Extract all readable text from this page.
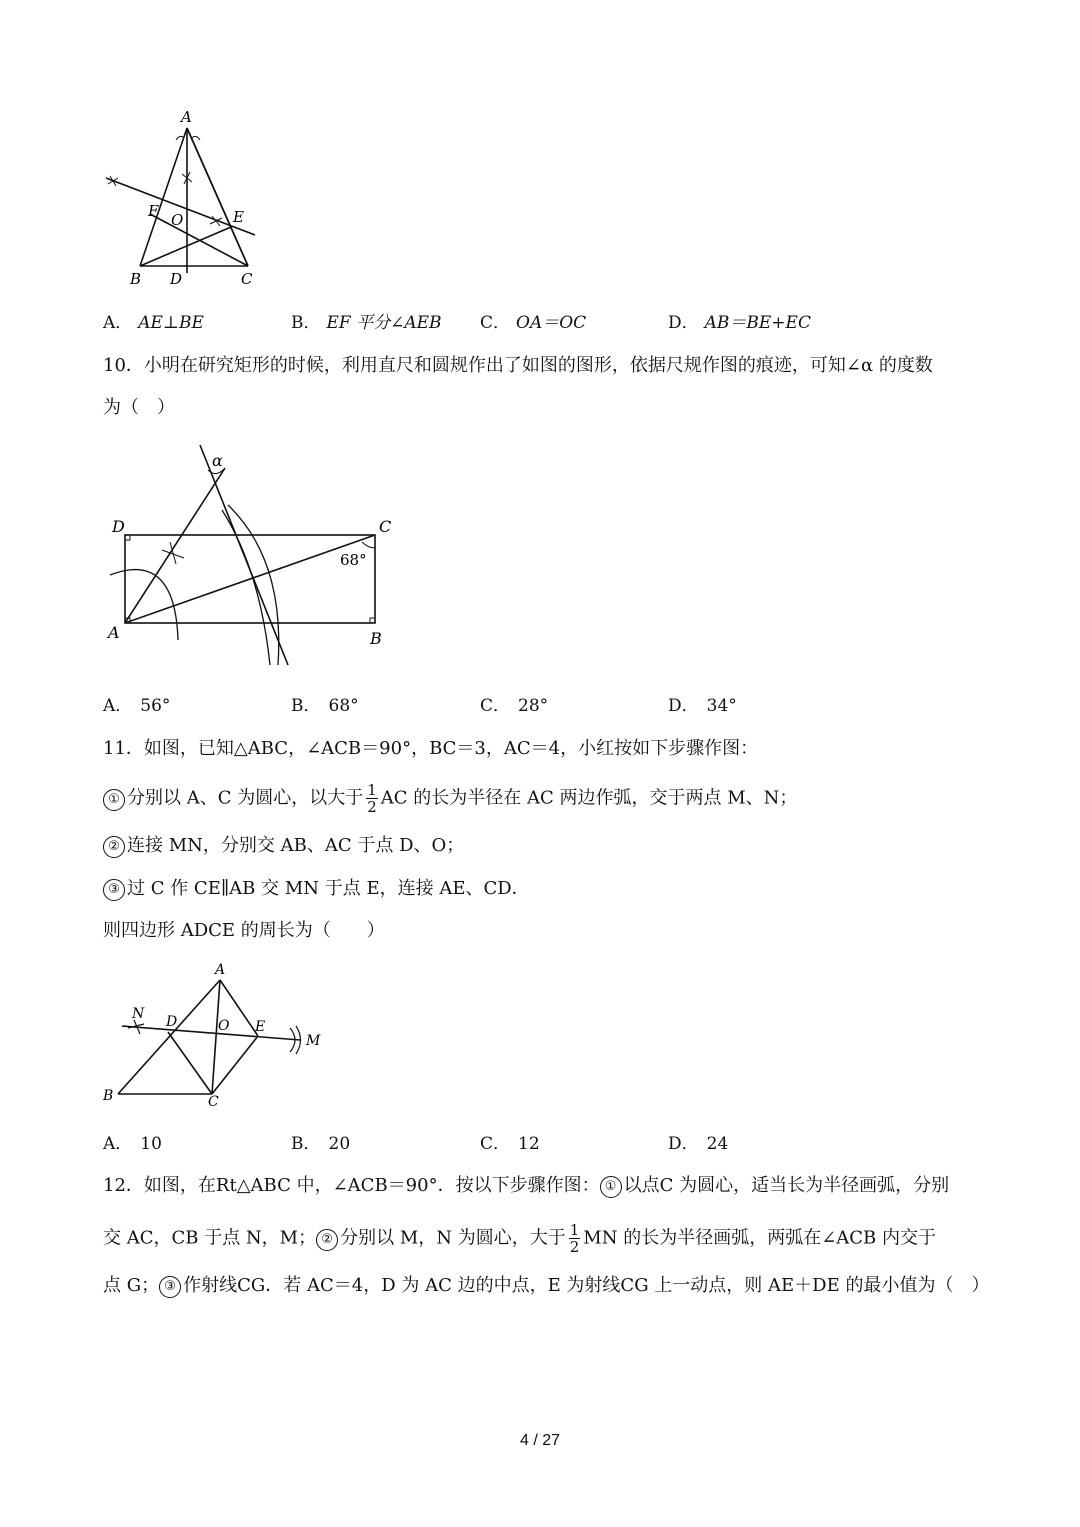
A
B D	C
E
F O
A． AE⊥BE	B． EF 平分∠AEB C． OA＝OC	D． AB＝BE+EC
10．小明在研究矩形的时候，利用直尺和圆规作出了如图的图形，依据尺规作图的痕迹，可知∠α 的度数
为（　）
α
D	C
A	B
68°
A． 56°	B． 68°	C． 28°	D． 34°
11．如图，已知△ABC，∠ACB＝90°，BC＝3，AC＝4，小红按如下步骤作图：
① 分别以 A、C 为圆心，以大于 $\frac{1}{2}$ AC 的长为半径在 AC 两边作弧，交于两点 M、N；
② 连接 MN，分别交 AB、AC 于点 D、O；
③ 过 C 作 CE∥AB 交 MN 于点 E，连接 AE、CD．
则四边形 ADCE 的周长为（　　）
A
N D	O E
M
B	C
A． 10	B． 20	C． 12	D． 24
12．如图，在Rt△ABC 中，∠ACB＝90°．按以下步骤作图： ① 以点C 为圆心，适当长为半径画弧，分别
交 AC，CB 于点 N，M； ② 分别以 M，N 为圆心，大于 $\frac{1}{2}$ MN 的长为半径画弧，两弧在∠ACB 内交于
点 G； ③ 作射线CG．若 AC＝4，D 为 AC 边的中点，E 为射线CG 上一动点，则 AE＋DE 的最小值为（　）
4 / 27
